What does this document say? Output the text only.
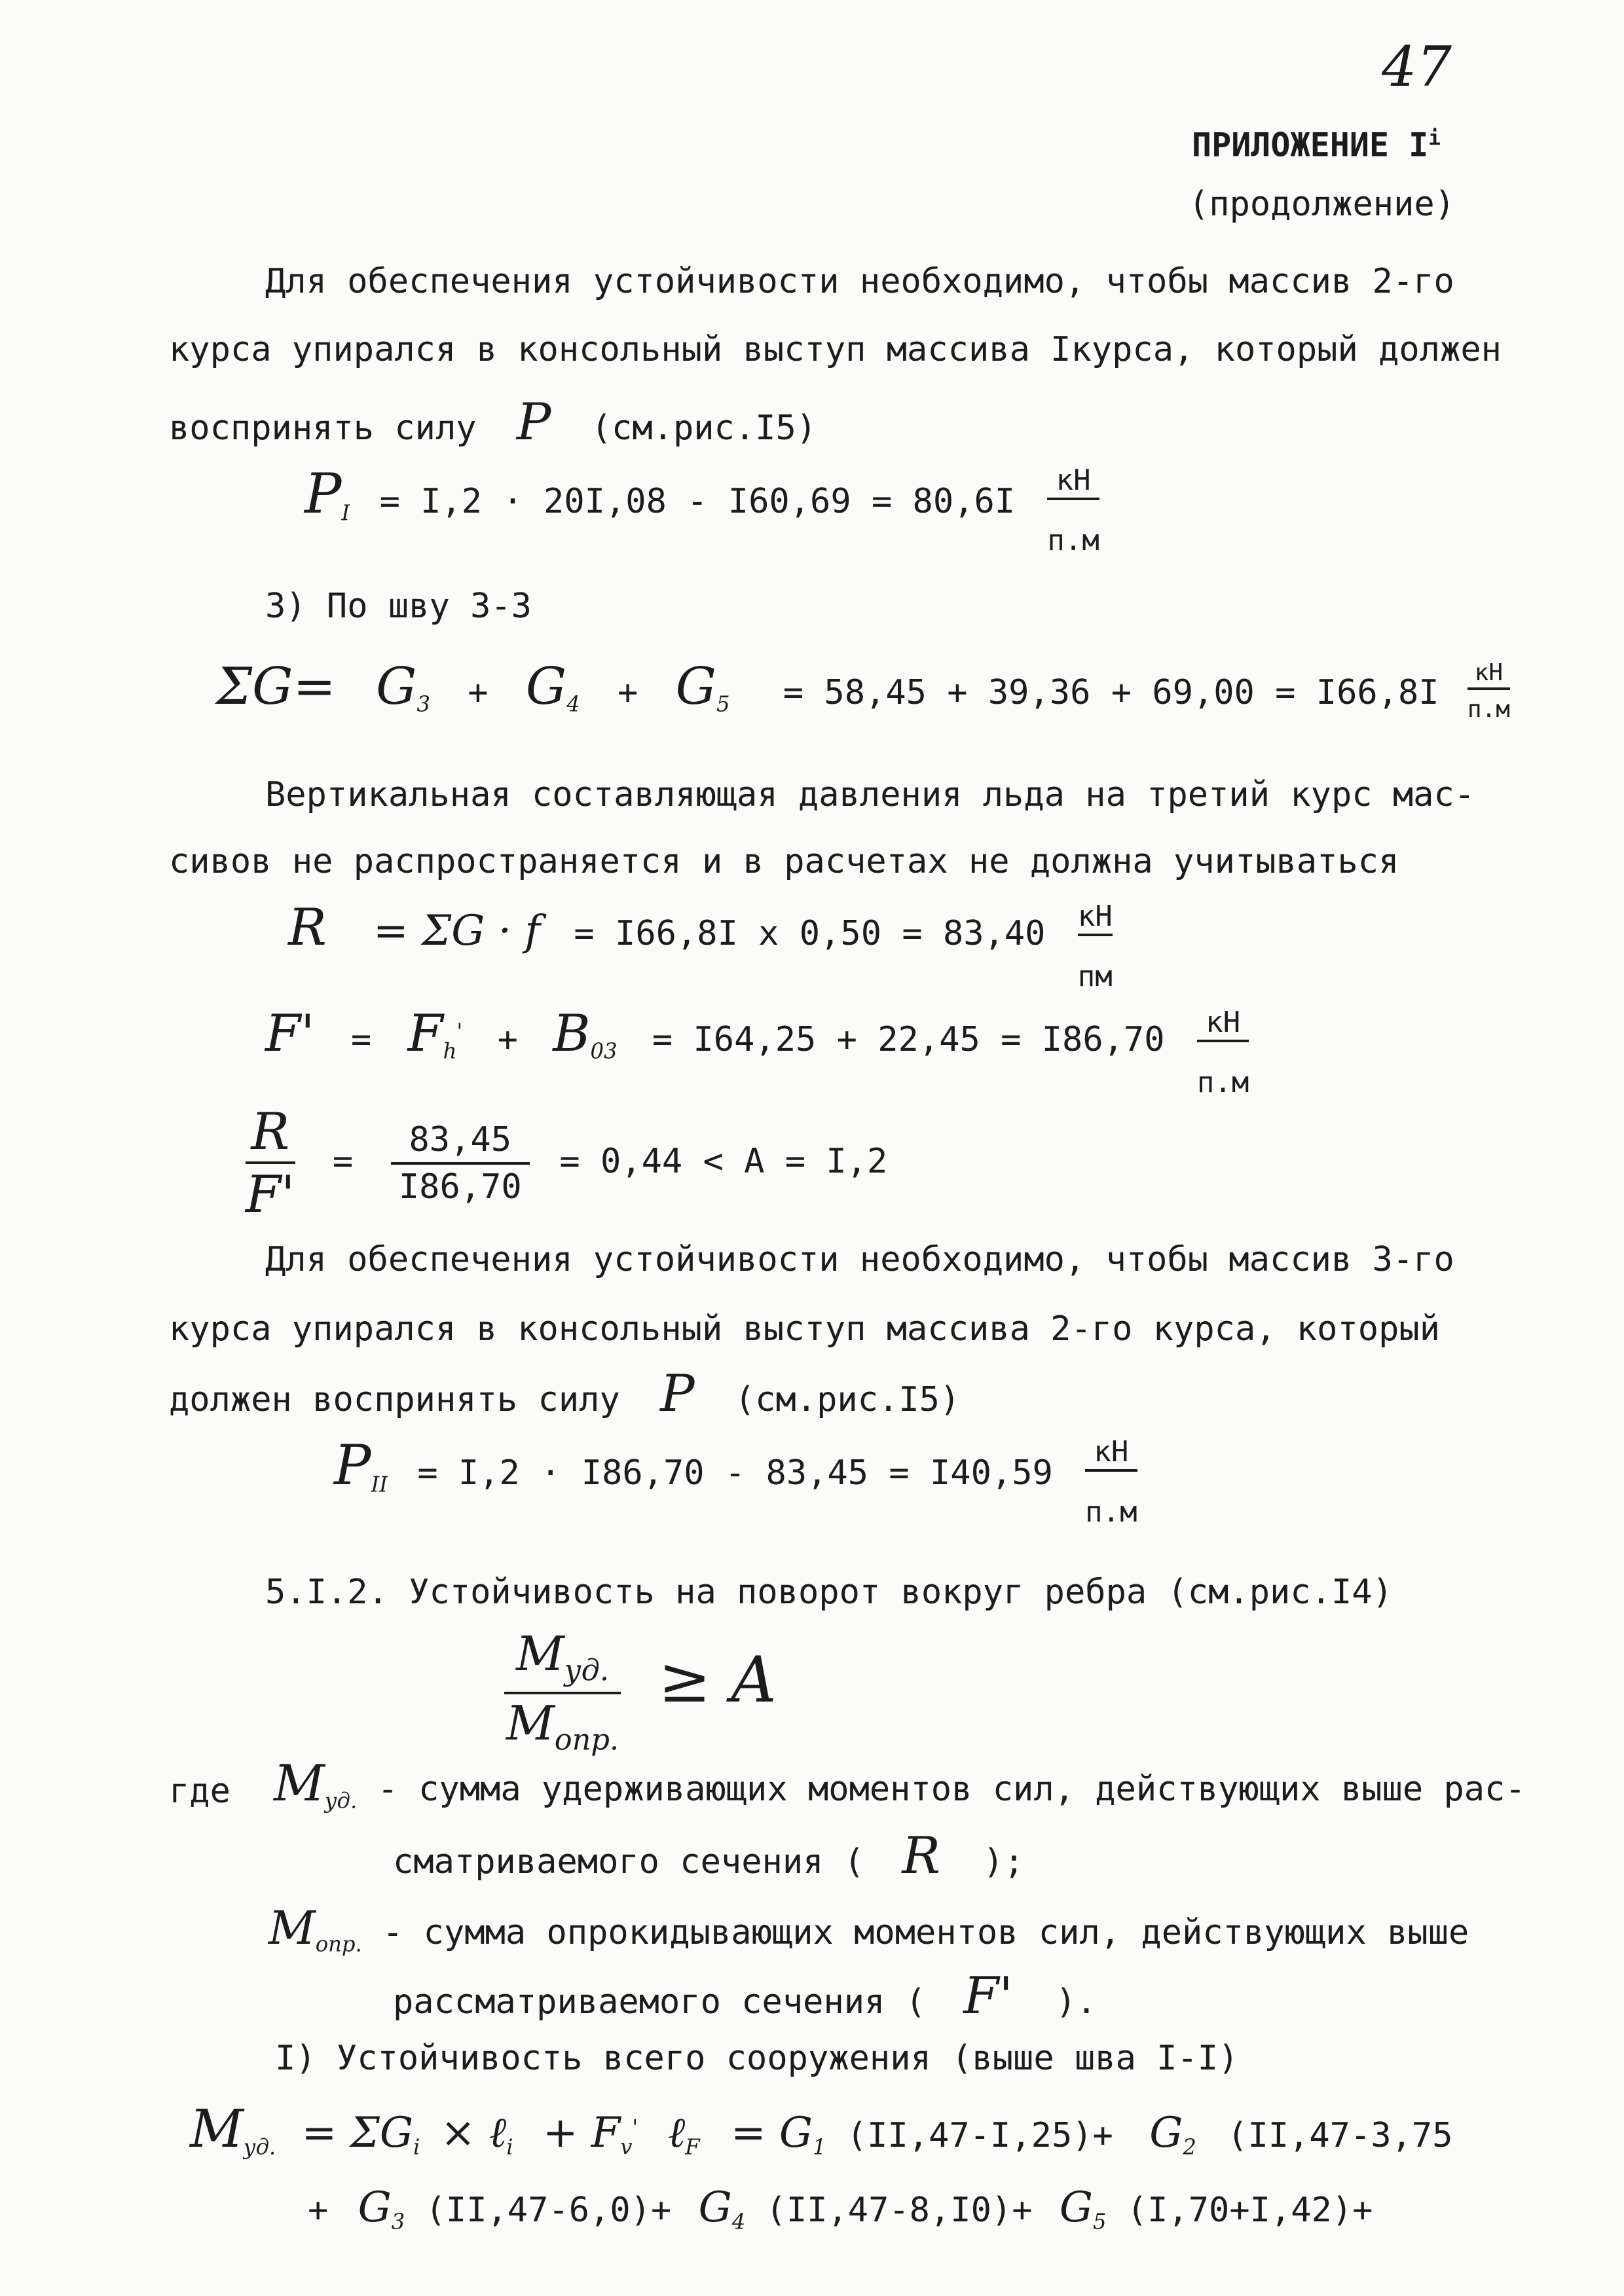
47
ПРИЛОЖЕНИЕ $I^i$
(продолжение)
Для обеспечения устойчивости необходимо, чтобы массив 2-го
курса упирался в консольный выступ массива Iкурса, который должен
воспринять силу P (см.рис.I5)
$P_I = I,2 \cdot 20I,08 - I60,69 = 80,6I$
кН
п.м
3) По шву 3-3
$\Sigma G= G_3 + G_4 + G_5 = 58,45 + 39,36 + 69,00 = I66,8I$
кН
п.м
Вертикальная составляющая давления льда на третий курс мас-
сивов не распространяется и в расчетах не должна учитываться
R = ΣG · f = I66,8I x 0,50 = 83,40 кН
пм
$F' = F_h' + B_{03} = I64,25 + 22,45 = I86,70$	кН
п.м
$\frac{R}{F'} = \frac{83,45}{I86,70} = 0,44 < A = I,2$
Для обеспечения устойчивости необходимо, чтобы массив 3-го
курса упирался в консольный выступ массива 2-го курса, который
должен воспринять силу P (см.рис.I5)
$P_{II} = I,2 \cdot I86,70 - 83,45 = I40,59$
кН
п.м
5.I.2. Устойчивость на поворот вокруг ребра (см.рис.I4)
$\frac{M_{уд.}}{M_{опр.}} \ge A$
где $M_{уд.}$ - сумма удерживающих моментов сил, действующих выше рас-
сматриваемого сечения ( R );
$M_{опр.}$ - сумма опрокидывающих моментов сил, действующих выше
рассматриваемого сечения ( F' ).
I) Устойчивость всего сооружения (выше шва I-I)
$M_{уд.} = \Sigma G_i$ × ℓ$_i$ + $F_v'$ ℓ$_F$ = $G_1$ $(II,47-I,25)+ G_2$ (II,47-3,75
+ $G_3$ $(II,47-6,0)+ G_4$ $(II,47-8,I0)+ G_5$ (I,70+I,42)+
